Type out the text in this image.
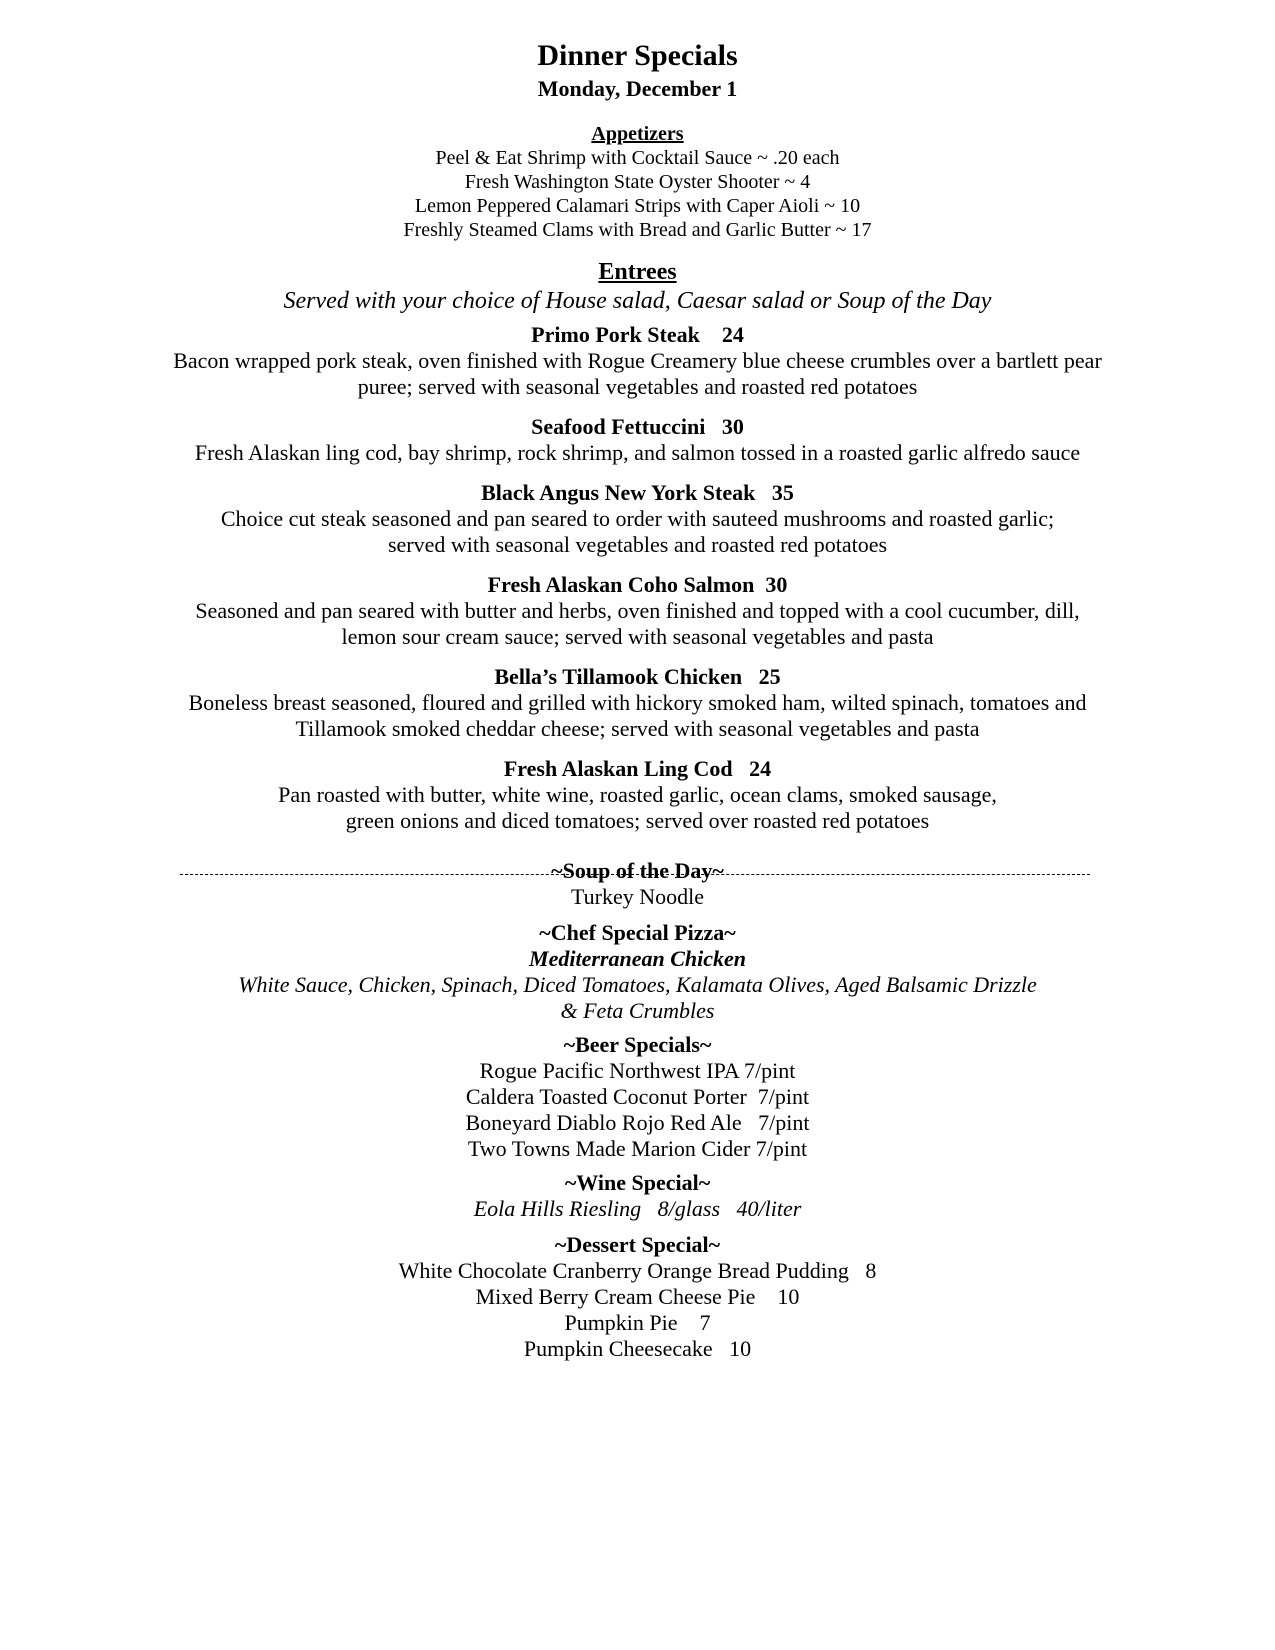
Dinner Specials
Monday, December 1
Appetizers
Peel & Eat Shrimp with Cocktail Sauce ~ .20 each
Fresh Washington State Oyster Shooter ~ 4
Lemon Peppered Calamari Strips with Caper Aioli ~ 10
Freshly Steamed Clams with Bread and Garlic Butter ~ 17
Entrees
Served with your choice of House salad, Caesar salad or Soup of the Day
Primo Pork Steak    24
Bacon wrapped pork steak, oven finished with Rogue Creamery blue cheese crumbles over a bartlett pear
puree; served with seasonal vegetables and roasted red potatoes
Seafood Fettuccini   30
Fresh Alaskan ling cod, bay shrimp, rock shrimp, and salmon tossed in a roasted garlic alfredo sauce
Black Angus New York Steak   35
Choice cut steak seasoned and pan seared to order with sauteed mushrooms and roasted garlic;
served with seasonal vegetables and roasted red potatoes
Fresh Alaskan Coho Salmon  30
Seasoned and pan seared with butter and herbs, oven finished and topped with a cool cucumber, dill,
lemon sour cream sauce; served with seasonal vegetables and pasta
Bella’s Tillamook Chicken   25
Boneless breast seasoned, floured and grilled with hickory smoked ham, wilted spinach, tomatoes and
Tillamook smoked cheddar cheese; served with seasonal vegetables and pasta
Fresh Alaskan Ling Cod   24
Pan roasted with butter, white wine, roasted garlic, ocean clams, smoked sausage,
green onions and diced tomatoes; served over roasted red potatoes
~Soup of the Day~
Turkey Noodle
~Chef Special Pizza~
Mediterranean Chicken
White Sauce, Chicken, Spinach, Diced Tomatoes, Kalamata Olives, Aged Balsamic Drizzle
& Feta Crumbles
~Beer Specials~
Rogue Pacific Northwest IPA 7/pint
Caldera Toasted Coconut Porter  7/pint
Boneyard Diablo Rojo Red Ale   7/pint
Two Towns Made Marion Cider 7/pint
~Wine Special~
Eola Hills Riesling   8/glass   40/liter
~Dessert Special~
White Chocolate Cranberry Orange Bread Pudding   8
Mixed Berry Cream Cheese Pie    10
Pumpkin Pie    7
Pumpkin Cheesecake   10
